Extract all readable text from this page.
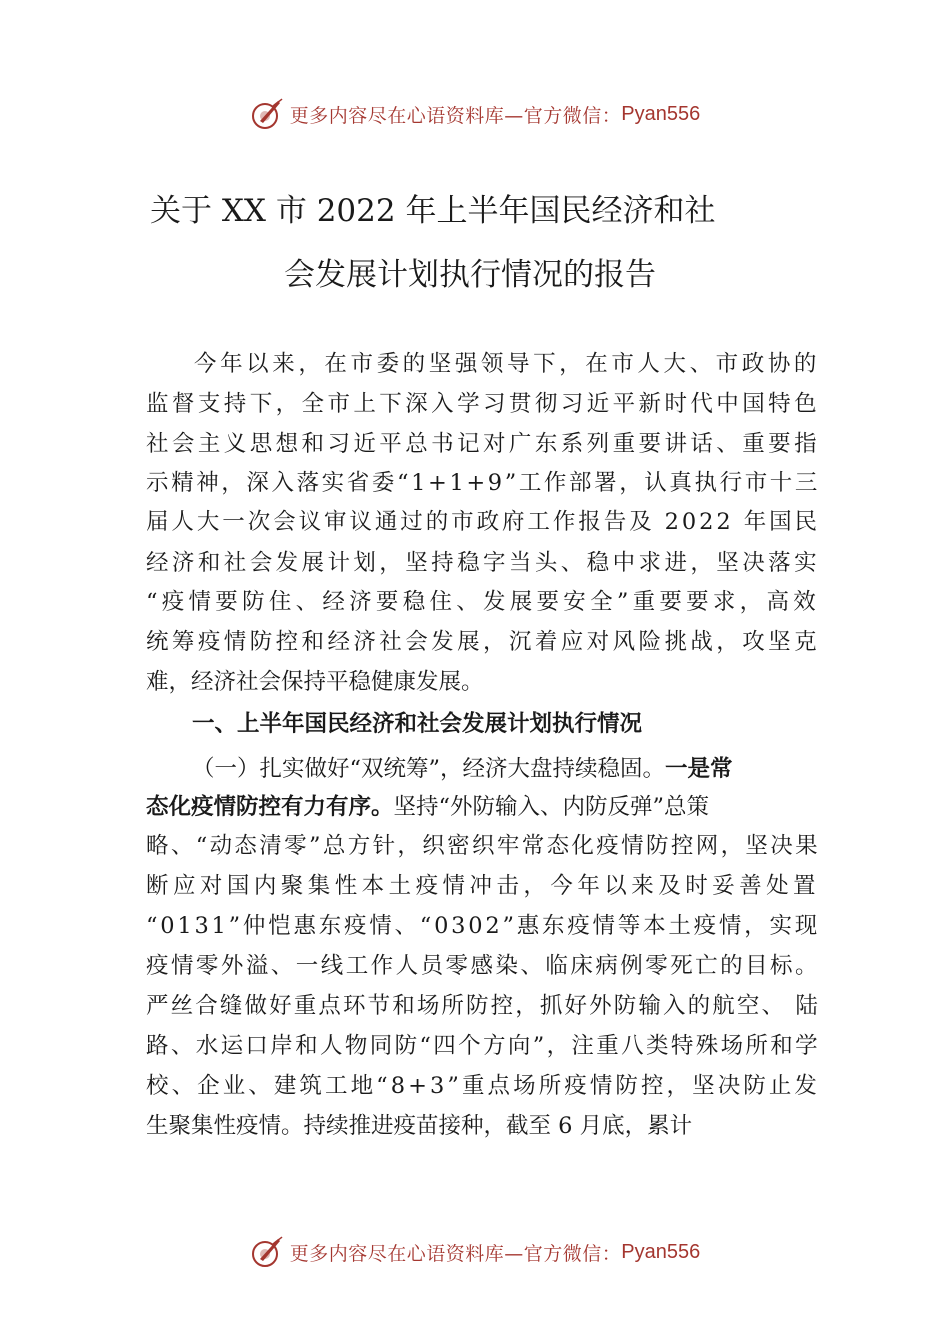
更多内容尽在心语资料库—官方微信： Pyan556
关于 XX 市 2022 年上半年国民经济和社
会发展计划执行情况的报告
今年以来，在市委的坚强领导下，在市人大、市政协的
监督支持下，全市上下深入学习贯彻习近平新时代中国特色
社会主义思想和习近平总书记对广东系列重要讲话、重要指
示精神，深入落实省委“1+1+9”工作部署，认真执行市十三
届人大一次会议审议通过的市政府工作报告及 2022 年国民
经济和社会发展计划，坚持稳字当头、稳中求进，坚决落实
“疫情要防住、经济要稳住、发展要安全”重要要求，高效
统筹疫情防控和经济社会发展，沉着应对风险挑战，攻坚克
难，经济社会保持平稳健康发展。
一、上半年国民经济和社会发展计划执行情况
（一）扎实做好“双统筹”，经济大盘持续稳固。 一是常
态化疫情防控有力有序。 坚持“外防输入、内防反弹”总策
略、“动态清零”总方针，织密织牢常态化疫情防控网，坚决果
断应对国内聚集性本土疫情冲击，今年以来及时妥善处置
“0131”仲恺惠东疫情、“0302”惠东疫情等本土疫情，实现
疫情零外溢、一线工作人员零感染、临床病例零死亡的目标。
严丝合缝做好重点环节和场所防控，抓好外防输入的航空、 陆
路、水运口岸和人物同防“四个方向”，注重八类特殊场所和学
校、企业、建筑工地“8+3”重点场所疫情防控，坚决防止发
生聚集性疫情。持续推进疫苗接种，截至 6 月底，累计
更多内容尽在心语资料库—官方微信： Pyan556
